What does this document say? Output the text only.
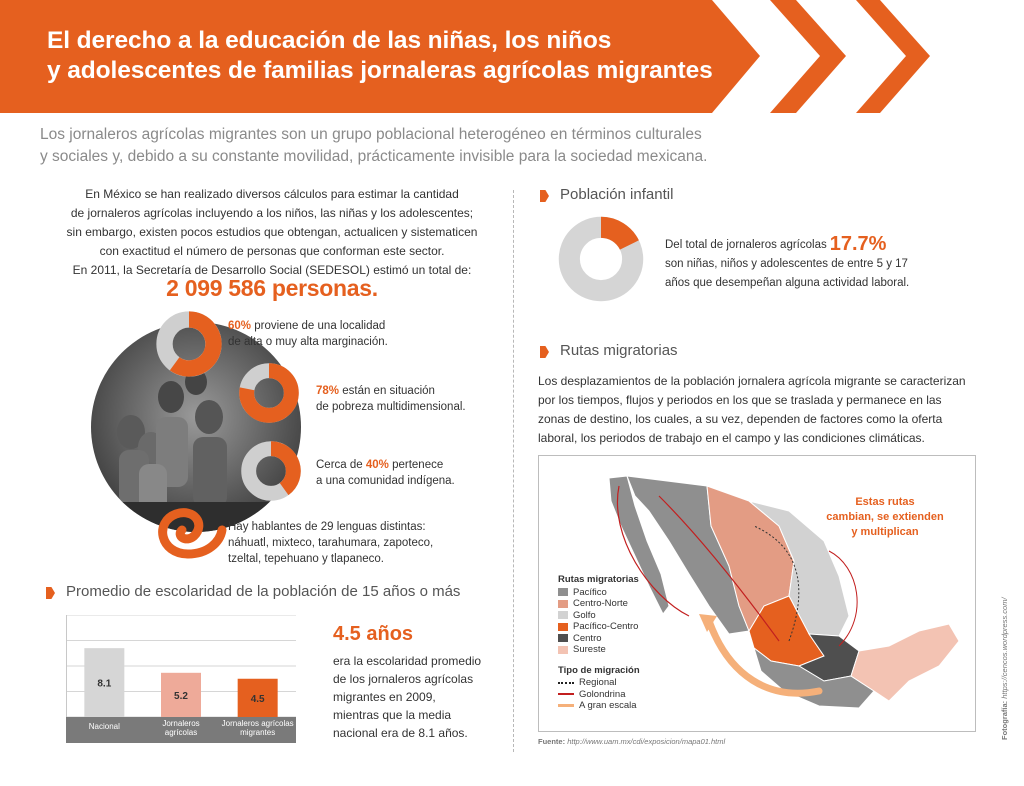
El derecho a la educación de las niñas, los niños
y adolescentes de familias jornaleras agrícolas migrantes
Los jornaleros agrícolas migrantes son un grupo poblacional heterogéneo en términos culturales
y sociales y, debido a su constante movilidad, prácticamente invisible para la sociedad mexicana.
En México se han realizado diversos cálculos para estimar la cantidad
de jornaleros agrícolas incluyendo a los niños, las niñas y los adolescentes;
sin embargo, existen pocos estudios que obtengan, actualicen y sistematicen
con exactitud el número de personas que conforman este sector.
En 2011, la Secretaría de Desarrollo Social (SEDESOL) estimó un total de:
2 099 586 personas.
60% proviene de una localidad
de alta o muy alta marginación.
78% están en situación
de pobreza multidimensional.
Cerca de 40% pertenece
a una comunidad indígena.
Hay hablantes de 29 lenguas distintas:
náhuatl, mixteco, tarahumara, zapoteco,
tzeltal, tepehuano y tlapaneco.
Promedio de escolaridad de la población de 15 años o más
8.1
Nacional
5.2
Jornaleros
agrícolas
4.5
Jornaleros agrícolas
migrantes
4.5 años
era la escolaridad promedio
de los jornaleros agrícolas
migrantes en 2009,
mientras que la media
nacional era de 8.1 años.
Población infantil
Del total de jornaleros agrícolas 17.7%
son niñas, niños y adolescentes de entre 5 y 17
años que desempeñan alguna actividad laboral.
Rutas migratorias
Los desplazamientos de la población jornalera agrícola migrante se caracterizan
por los tiempos, flujos y periodos en los que se traslada y permanece en las
zonas de destino, los cuales, a su vez, dependen de factores como la oferta
laboral, los periodos de trabajo en el campo y las condiciones climáticas.
Estas rutas
cambian, se extienden
y multiplican
Rutas migratorias
Pacífico
Centro-Norte
Golfo
Pacífico-Centro
Centro
Sureste
Tipo de migración
Regional
Golondrina
A gran escala
Fuente: http://www.uam.mx/cdi/exposicion/mapa01.html
Fotografía: https://cencos.wordpress.com/
